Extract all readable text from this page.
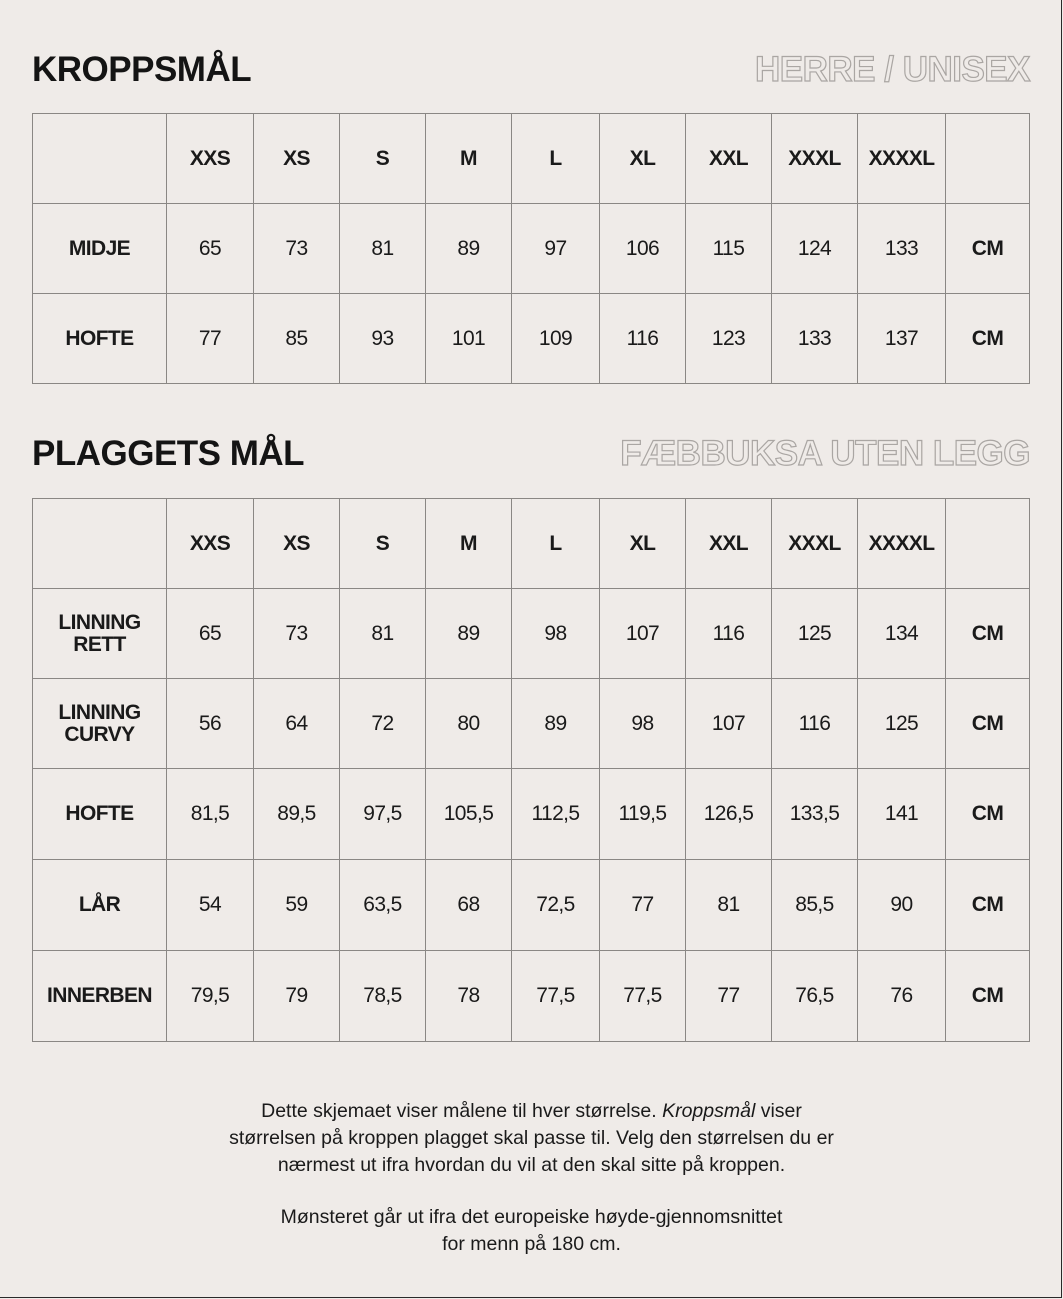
KROPPSMÅL	HERRE / UNISEX
	XXS	XS	S	M	L	XL	XXL	XXXL	XXXXL	

MIDJE	65	73	81	89	97	106	115	124	133	CM

HOFTE	77	85	93	101	109	116	123	133	137	CM
PLAGGETS MÅL	FÆBBUKSA UTEN LEGG
	XXS	XS	S	M	L	XL	XXL	XXXL	XXXXL	

LINNING
RETT	65	73	81	89	98	107	116	125	134	CM

LINNING
CURVY	56	64	72	80	89	98	107	116	125	CM

HOFTE	81,5	89,5	97,5	105,5	112,5	119,5	126,5	133,5	141	CM

LÅR	54	59	63,5	68	72,5	77	81	85,5	90	CM

INNERBEN	79,5	79	78,5	78	77,5	77,5	77	76,5	76	CM

Dette skjemaet viser målene til hver størrelse. Kroppsmål viser

størrelsen på kroppen plagget skal passe til. Velg den størrelsen du er

nærmest ut ifra hvordan du vil at den skal sitte på kroppen.

Mønsteret går ut ifra det europeiske høyde-gjennomsnittet

for menn på 180 cm.
